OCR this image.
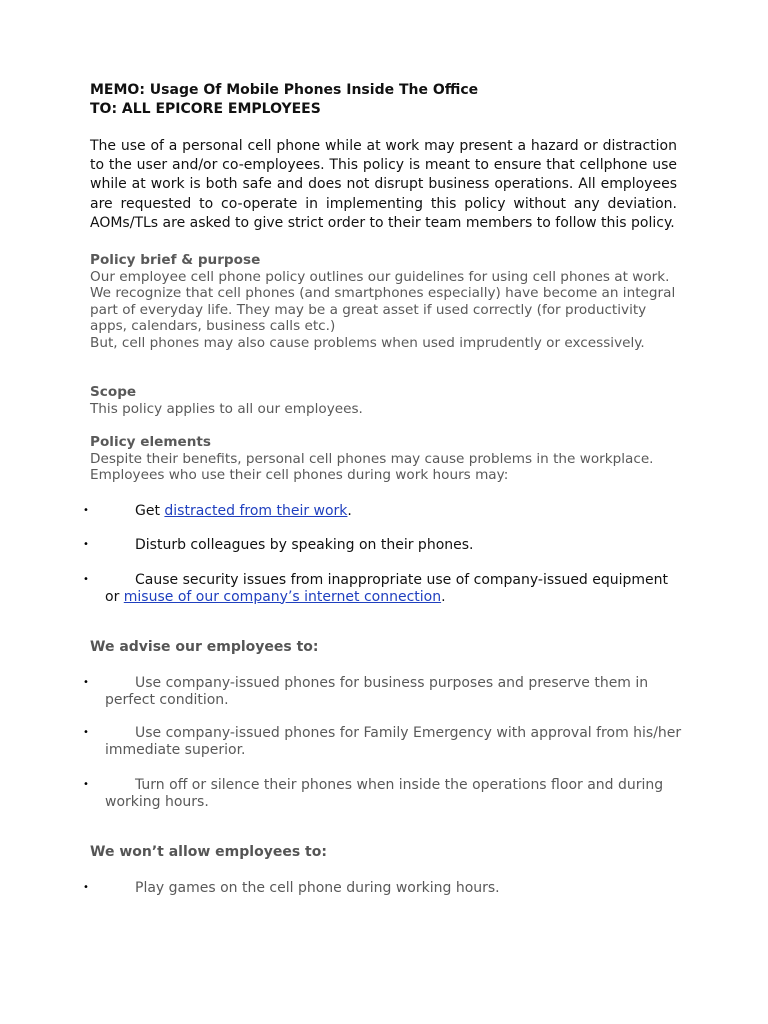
MEMO: Usage Of Mobile Phones Inside The Office
TO: ALL EPICORE EMPLOYEES
The use of a personal cell phone while at work may present a hazard or distraction to the user and/or co-employees. This policy is meant to ensure that cellphone use while at work is both safe and does not disrupt business operations. All employees are requested to co-operate in implementing this policy without any deviation. AOMs/TLs are asked to give strict order to their team members to follow this policy.
Policy brief & purpose

Our employee cell phone policy outlines our guidelines for using cell phones at work.

We recognize that cell phones (and smartphones especially) have become an integral part of everyday life. They may be a great asset if used correctly (for productivity apps, calendars, business calls etc.)

But, cell phones may also cause problems when used imprudently or excessively.

Scope

This policy applies to all our employees.

Policy elements

Despite their benefits, personal cell phones may cause problems in the workplace.

Employees who use their cell phones during work hours may:

•	Get distracted from their work.
•	Disturb colleagues by speaking on their phones.
•	Cause security issues from inappropriate use of company-issued equipment or misuse of our company’s internet connection.
We advise our employees to:
•	Use company-issued phones for business purposes and preserve them in perfect condition.
•	Use company-issued phones for Family Emergency with approval from his/her immediate superior.
•	Turn off or silence their phones when inside the operations floor and during working hours.
We won’t allow employees to:
•	Play games on the cell phone during working hours.
